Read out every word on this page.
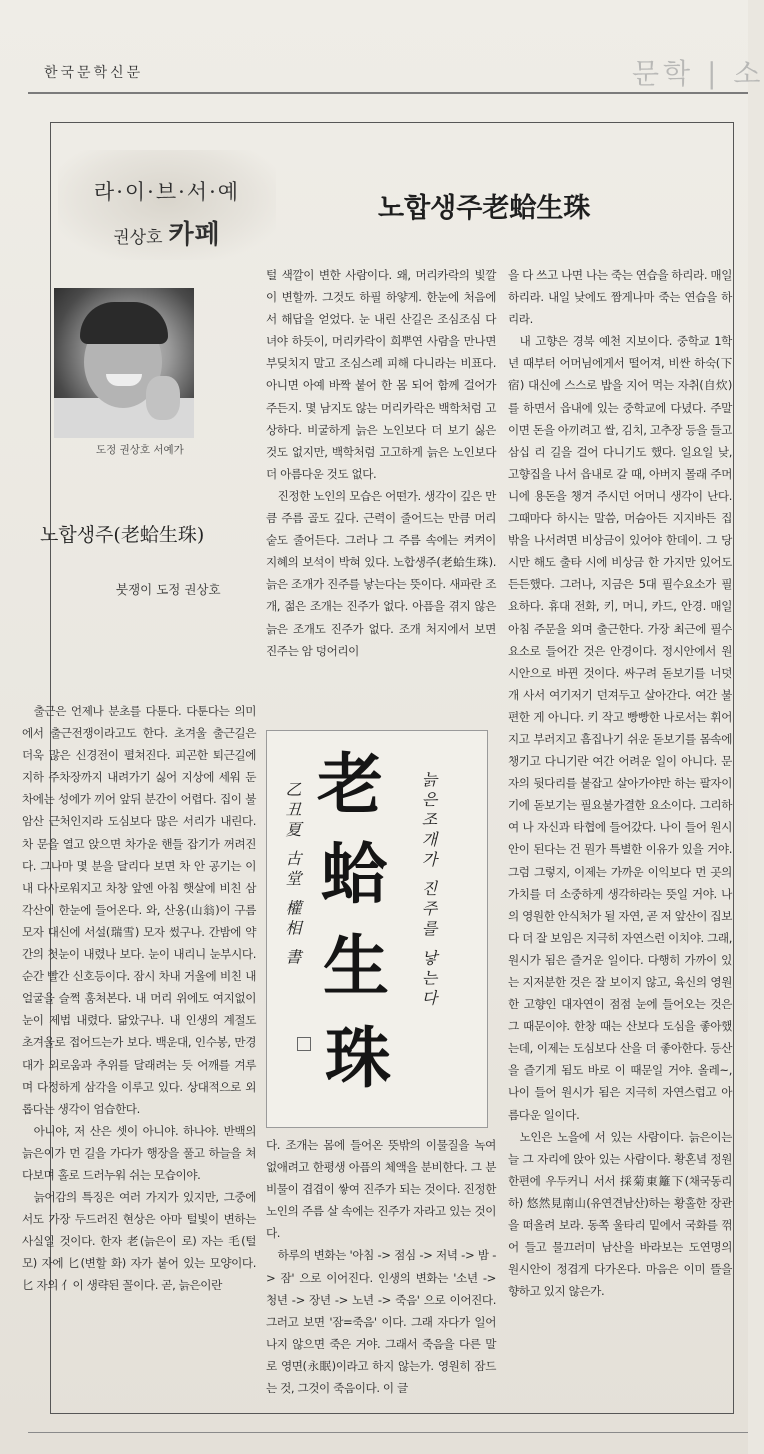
한국문학신문	문학 | 소
라·이·브·서·예
권상호 카페
도정 권상호 서예가
노합생주(老蛤生珠)
붓쟁이 도정 권상호
노합생주老蛤生珠

출근은 언제나 분초를 다툰다. 다툰다는 의미에서 출근전쟁이라고도 한다. 초겨울 출근길은 더욱 많은 신경전이 펼쳐진다. 피곤한 퇴근길에 지하 주차장까지 내려가기 싫어 지상에 세워 둔 차에는 성에가 끼어 앞뒤 분간이 어렵다. 집이 불암산 근처인지라 도심보다 많은 서리가 내린다. 차 문을 열고 앉으면 차가운 핸들 잡기가 꺼려진다. 그나마 몇 분을 달리다 보면 차 안 공기는 이내 다사로워지고 차창 앞엔 아침 햇살에 비친 삼각산이 한눈에 들어온다. 와, 산옹(山翁)이 구름 모자 대신에 서설(瑞雪) 모자 썼구나. 간밤에 약간의 첫눈이 내렸나 보다. 눈이 내리니 눈부시다. 순간 빨간 신호등이다. 잠시 차내 거울에 비친 내 얼굴을 슬쩍 훔쳐본다. 내 머리 위에도 여지없이 눈이 제법 내렸다. 닮았구나. 내 인생의 계절도 초겨울로 접어드는가 보다. 백운대, 인수봉, 만경대가 외로움과 추위를 달래려는 듯 어깨를 겨루며 다정하게 삼각을 이루고 있다. 상대적으로 외롭다는 생각이 엄습한다.

아니야, 저 산은 셋이 아니야. 하나야. 반백의 늙은이가 먼 길을 가다가 행장을 풀고 하늘을 쳐다보며 홀로 드러누워 쉬는 모습이야.

늙어감의 특징은 여러 가지가 있지만, 그중에서도 가장 두드러진 현상은 아마 털빛이 변하는 사실일 것이다. 한자 老(늙은이 로) 자는 毛(털 모) 자에 匕(변할 화) 자가 붙어 있는 모양이다. 匕 자의 亻이 생략된 꼴이다. 곧, 늙은이란

털 색깔이 변한 사람이다. 왜, 머리카락의 빛깔이 변할까. 그것도 하필 하얗게. 한눈에 처음에서 해답을 얻었다. 눈 내린 산길은 조심조심 다녀야 하듯이, 머리카락이 희뿌연 사람을 만나면 부딪치지 말고 조심스레 피해 다니라는 비표다. 아니면 아예 바짝 붙어 한 몸 되어 함께 걸어가 주든지. 몇 남지도 않는 머리카락은 백학처럼 고상하다. 비굴하게 늙은 노인보다 더 보기 싫은 것도 없지만, 백학처럼 고고하게 늙은 노인보다 더 아름다운 것도 없다.

진정한 노인의 모습은 어떤가. 생각이 깊은 만큼 주름 골도 깊다. 근력이 줄어드는 만큼 머리숱도 줄어든다. 그러나 그 주름 속에는 켜켜이 지혜의 보석이 박혀 있다. 노합생주(老蛤生珠). 늙은 조개가 진주를 낳는다는 뜻이다. 새파란 조개, 젊은 조개는 진주가 없다. 아픔을 겪지 않은 늙은 조개도 진주가 없다. 조개 처지에서 보면 진주는 암 덩어리이

老
蛤
生
珠
늙은조개가 진주를 낳는다
乙丑夏 古堂 權相 書

다. 조개는 몸에 들어온 뜻밖의 이물질을 녹여 없애려고 한평생 아픔의 체액을 분비한다. 그 분비물이 겹겹이 쌓여 진주가 되는 것이다. 진정한 노인의 주름 살 속에는 진주가 자라고 있는 것이다.

하루의 변화는 '아침 -> 점심 -> 저녁 -> 밤 -> 잠' 으로 이어진다. 인생의 변화는 '소년 -> 청년 -> 장년 -> 노년 -> 죽음' 으로 이어진다. 그러고 보면 '잠=죽음' 이다. 그래 자다가 일어나지 않으면 죽은 거야. 그래서 죽음을 다른 말로 영면(永眠)이라고 하지 않는가. 영원히 잠드는 것, 그것이 죽음이다. 이 글

을 다 쓰고 나면 나는 죽는 연습을 하리라. 매일 하리라. 내일 낮에도 짬게나마 죽는 연습을 하리라.

내 고향은 경북 예천 지보이다. 중학교 1학년 때부터 어머님에게서 떨어져, 비싼 하숙(下宿) 대신에 스스로 밥을 지어 먹는 자취(自炊)를 하면서 읍내에 있는 중학교에 다녔다. 주말이면 돈을 아끼려고 쌀, 김치, 고추장 등을 들고 삼십 리 길을 걸어 다니기도 했다. 일요일 낮, 고향집을 나서 읍내로 갈 때, 아버지 몰래 주머니에 용돈을 챙겨 주시던 어머니 생각이 난다. 그때마다 하시는 말씀, 머슴아든 지지바든 집 밖을 나서려면 비상금이 있어야 한데이. 그 당시만 해도 출타 시에 비상금 한 가지만 있어도 든든했다. 그러나, 지금은 5대 필수요소가 필요하다. 휴대 전화, 키, 머니, 카드, 안경. 매일 아침 주문을 외며 출근한다. 가장 최근에 필수요소로 들어간 것은 안경이다. 정시안에서 원시안으로 바뀐 것이다. 싸구려 돋보기를 너덧 개 사서 여기저기 던져두고 살아간다. 여간 불편한 게 아니다. 키 작고 빵빵한 나로서는 휘어지고 부러지고 흠집나기 쉬운 돋보기를 몸속에 챙기고 다니기란 여간 어려운 일이 아니다. 문자의 뒷다리를 붙잡고 살아가야만 하는 팔자이기에 돋보기는 필요불가결한 요소이다. 그리하여 나 자신과 타협에 들어갔다. 나이 들어 원시안이 된다는 건 뭔가 특별한 이유가 있을 거야. 그럼 그렇지, 이제는 가까운 이익보다 먼 곳의 가치를 더 소중하게 생각하라는 뜻일 거야. 나의 영원한 안식처가 될 자연, 곧 저 앞산이 집보다 더 잘 보임은 지극히 자연스런 이치야. 그래, 원시가 됨은 즐거운 일이다. 다행히 가까이 있는 지저분한 것은 잘 보이지 않고, 육신의 영원한 고향인 대자연이 점점 눈에 들어오는 것은 그 때문이야. 한창 때는 산보다 도심을 좋아했는데, 이제는 도심보다 산을 더 좋아한다. 등산을 즐기게 됨도 바로 이 때문일 거야. 올레~, 나이 들어 원시가 됨은 지극히 자연스럽고 아름다운 일이다.

노인은 노을에 서 있는 사람이다. 늙은이는 늘 그 자리에 앉아 있는 사람이다. 황혼녘 정원 한편에 우두커니 서서 採菊東籬下(채국동리하) 悠然見南山(유연견남산)하는 황홀한 장관을 떠올려 보라. 동쪽 울타리 밑에서 국화를 꺾어 들고 물끄러미 남산을 바라보는 도연명의 원시안이 정겹게 다가온다. 마음은 이미 뜰을 향하고 있지 않은가.
